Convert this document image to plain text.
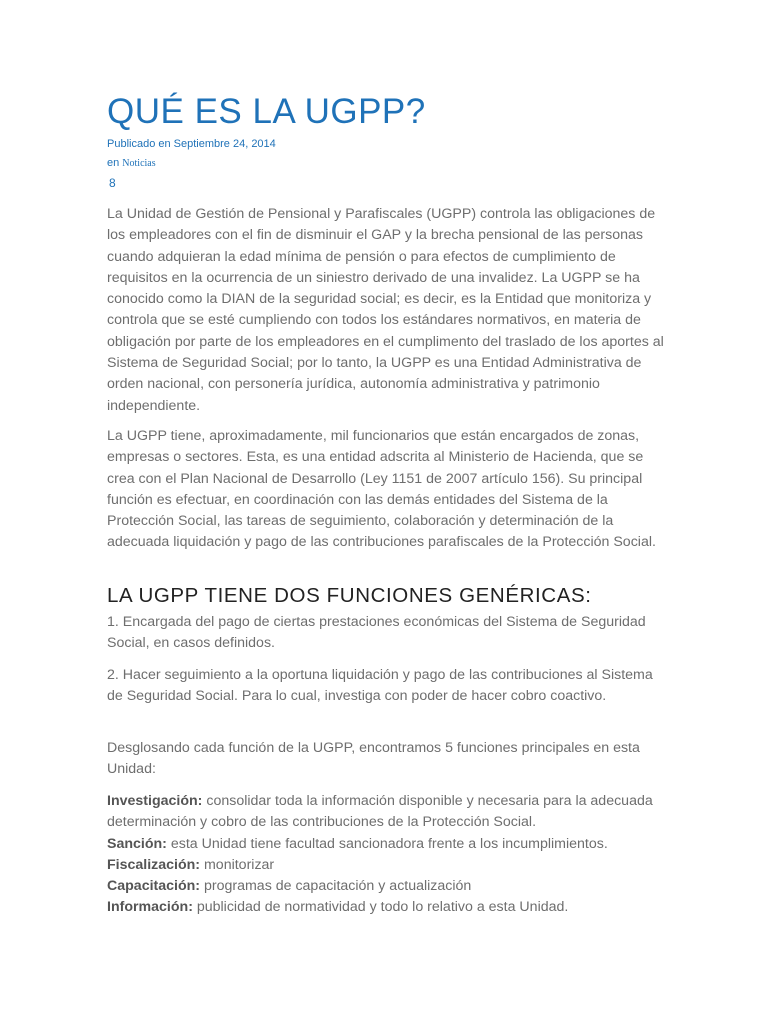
QUÉ ES LA UGPP?
Publicado en Septiembre 24, 2014
en Noticias
8

La Unidad de Gestión de Pensional y Parafiscales (UGPP) controla las obligaciones de los empleadores con el fin de disminuir el GAP y la brecha pensional de las personas cuando adquieran la edad mínima de pensión o para efectos de cumplimiento de requisitos en la ocurrencia de un siniestro derivado de una invalidez. La UGPP se ha conocido como la DIAN de la seguridad social; es decir, es la Entidad que monitoriza y controla que se esté cumpliendo con todos los estándares normativos, en materia de obligación por parte de los empleadores en el cumplimento del traslado de los aportes al Sistema de Seguridad Social; por lo tanto, la UGPP es una Entidad Administrativa de orden nacional, con personería jurídica, autonomía administrativa y patrimonio independiente.

La UGPP tiene, aproximadamente, mil funcionarios que están encargados de zonas, empresas o sectores. Esta, es una entidad adscrita al Ministerio de Hacienda, que se crea con el Plan Nacional de Desarrollo (Ley 1151 de 2007 artículo 156). Su principal función es efectuar, en coordinación con las demás entidades del Sistema de la Protección Social, las tareas de seguimiento, colaboración y determinación de la adecuada liquidación y pago de las contribuciones parafiscales de la Protección Social.

LA UGPP TIENE DOS FUNCIONES GENÉRICAS:

1. Encargada del pago de ciertas prestaciones económicas del Sistema de Seguridad Social, en casos definidos.

2. Hacer seguimiento a la oportuna liquidación y pago de las contribuciones al Sistema de Seguridad Social. Para lo cual, investiga con poder de hacer cobro coactivo.

Desglosando cada función de la UGPP, encontramos 5 funciones principales en esta Unidad:

Investigación: consolidar toda la información disponible y necesaria para la adecuada determinación y cobro de las contribuciones de la Protección Social.
Sanción: esta Unidad tiene facultad sancionadora frente a los incumplimientos.
Fiscalización: monitorizar
Capacitación: programas de capacitación y actualización
Información: publicidad de normatividad y todo lo relativo a esta Unidad.
